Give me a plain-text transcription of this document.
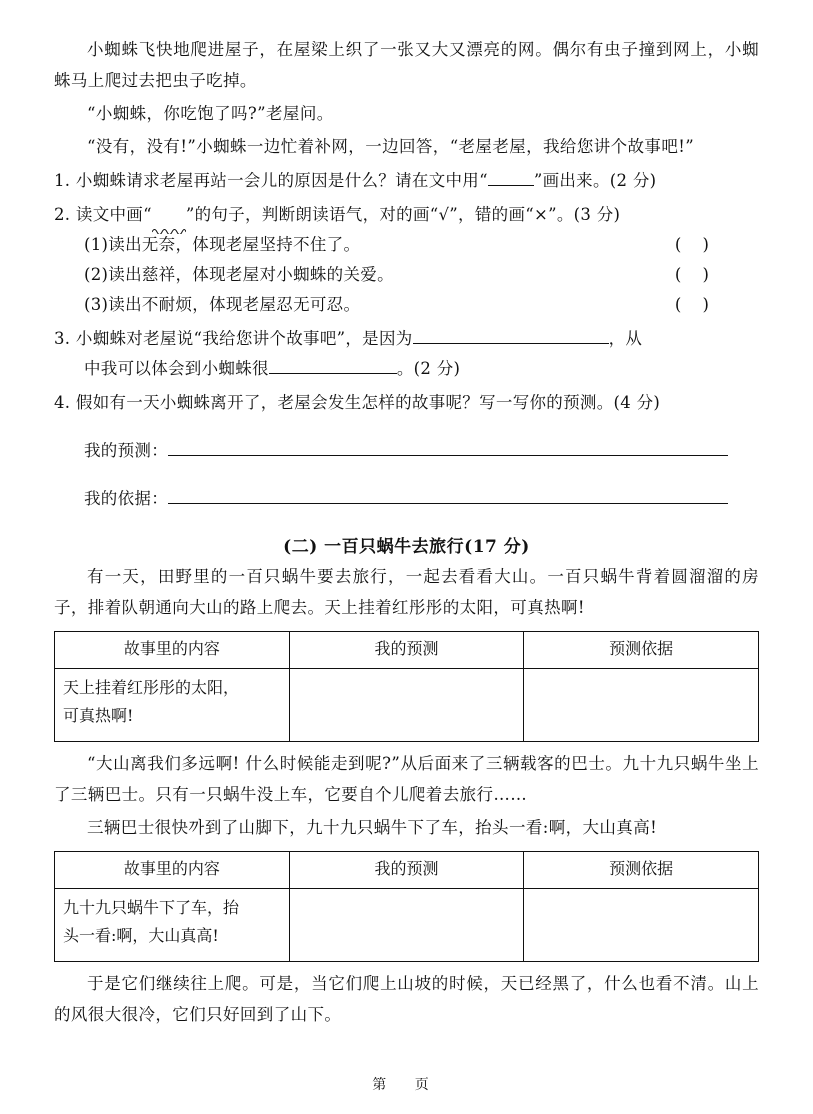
小蜘蛛飞快地爬进屋子，在屋梁上织了一张又大又漂亮的网。偶尔有虫子撞到网上，小蜘蛛马上爬过去把虫子吃掉。

“小蜘蛛，你吃饱了吗?”老屋问。

“没有，没有!”小蜘蛛一边忙着补网，一边回答，“老屋老屋，我给您讲个故事吧!”

1. 小蜘蛛请求老屋再站一会儿的原因是什么？请在文中用“	”画出来。(2 分)

2. 读文中画“ ”的句子，判断朗读语气，对的画“√”，错的画“×”。(3 分)

(1)读出无奈，体现老屋坚持不住了。	( )

(2)读出慈祥，体现老屋对小蜘蛛的关爱。	( )

(3)读出不耐烦，体现老屋忍无可忍。	( )

3. 小蜘蛛对老屋说“我给您讲个故事吧”，是因为	，从

中我可以体会到小蜘蛛很	。(2 分)

4. 假如有一天小蜘蛛离开了，老屋会发生怎样的故事呢？写一写你的预测。(4 分)

我的预测：

我的依据：

(二) 一百只蜗牛去旅行(17 分)

有一天，田野里的一百只蜗牛要去旅行，一起去看看大山。一百只蜗牛背着圆溜溜的房子，排着队朝通向大山的路上爬去。天上挂着红彤彤的太阳，可真热啊!

故事里的内容	我的预测	预测依据

天上挂着红彤彤的太阳，
可真热啊!		

“大山离我们多远啊! 什么时候能走到呢?”从后面来了三辆载客的巴士。九十九只蜗牛坐上了三辆巴士。只有一只蜗牛没上车，它要自个儿爬着去旅行……

三辆巴士很快까到了山脚下，九十九只蜗牛下了车，抬头一看:啊，大山真高!

故事里的内容	我的预测	预测依据

九十九只蜗牛下了车，抬
头一看:啊，大山真高!		

于是它们继续往上爬。可是，当它们爬上山坡的时候，天已经黑了，什么也看不清。山上的风很大很冷，它们只好回到了山下。

第 页
